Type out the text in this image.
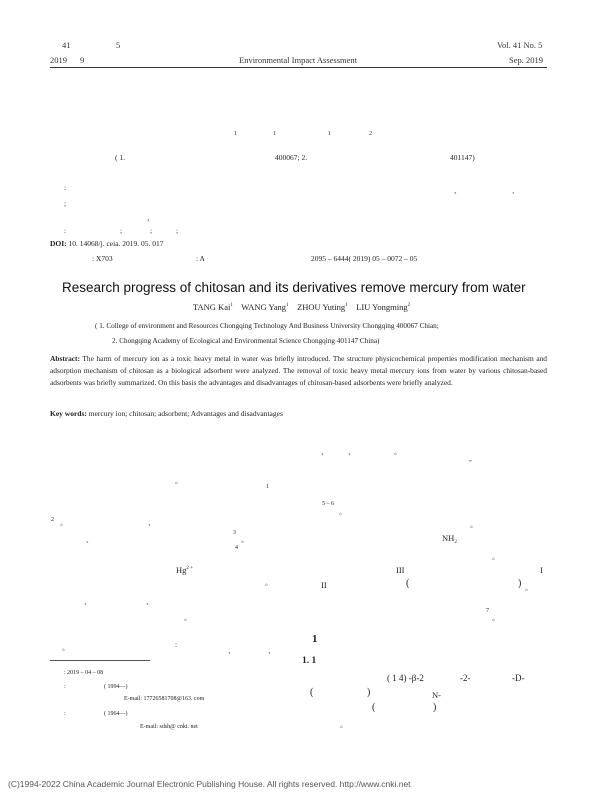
41	5
2019 9	Environmental Impact Assessment
Vol. 41 No. 5
Sep. 2019
1	1	1	2
( 1.	400067; 2.	401147)
:	、	、
;
，
:	;	;	;
DOI: 10. 14068/j. ceia. 2019. 05. 017
: X703	: A	2095 – 6444( 2019) 05 – 0072 – 05
Research progress of chitosan and its derivatives remove mercury from water
TANG Kai$^1$ WANG Yang$^1$ ZHOU Yuting$^1$ LIU Yongming$^2$
( 1. College of environment and Resources Chongqing Technology And Business University Chongqing 400067 Chian;
2. Chongqing Academy of Ecological and Environmental Science Chongqing 401147 China)
Abstract: The harm of mercury ion as a toxic heavy metal in water was briefly introduced. The structure physicochemical properties modification mechanism and adsorption mechanism of chitosan as a biological adsorbent were analyzed. The removal of toxic heavy metal mercury ions from water by various chitosan-based adsorbents was briefly summarized. On this basis the advantages and disadvantages of chitosan-based adsorbents were briefly analyzed.
Key words: mercury ion; chitosan; adsorbent; Advantages and disadvantages
1
。
2 。	、
3
。
4
、
$Hg^{2 +}$
。
、	、
。
。	:
、	、
: 2019 – 04 – 08
:	( 1994—)
E-mail: 17726581708@163. com
:	( 1964—)
E-mail: sdsh@ cnki. net
、	、	。
”
5 – 6
。
。
$NH_2$
。
III	I
II	(	) 。
7
。
1
1. 1
( 1 4) -β-2	-2-	-D-
(	)	N-
(	)
。
(C)1994-2022 China Academic Journal Electronic Publishing House. All rights reserved. http://www.cnki.net
